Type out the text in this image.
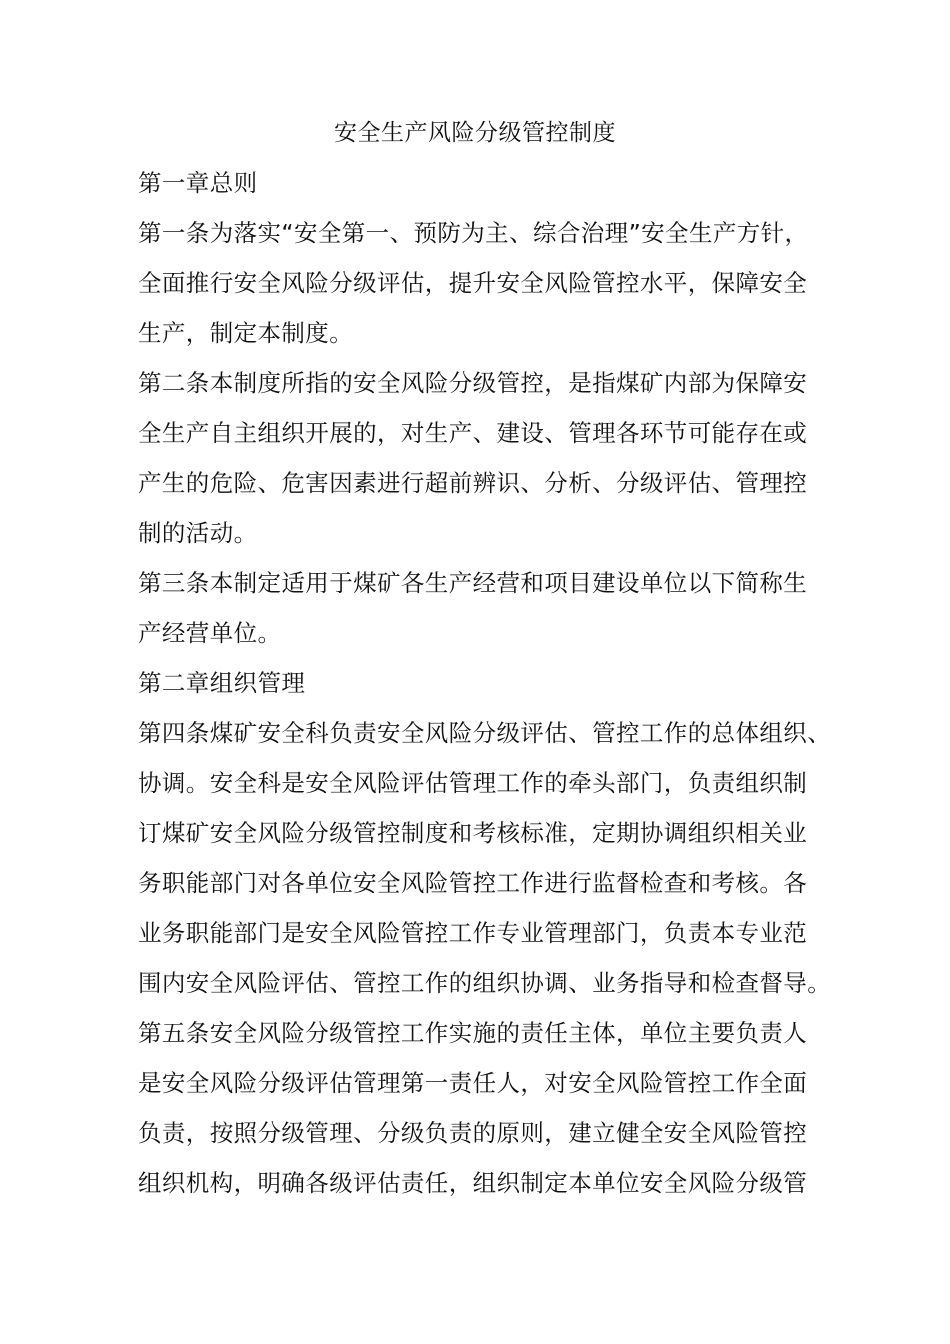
安全生产风险分级管控制度
第一章总则
第一条为落实“安全第一、预防为主、综合治理”安全生产方针，
全面推行安全风险分级评估，提升安全风险管控水平，保障安全
生产，制定本制度。
第二条本制度所指的安全风险分级管控，是指煤矿内部为保障安
全生产自主组织开展的，对生产、建设、管理各环节可能存在或
产生的危险、危害因素进行超前辨识、分析、分级评估、管理控
制的活动。
第三条本制定适用于煤矿各生产经营和项目建设单位以下简称生
产经营单位。
第二章组织管理
第四条煤矿安全科负责安全风险分级评估、管控工作的总体组织、
协调。安全科是安全风险评估管理工作的牵头部门，负责组织制
订煤矿安全风险分级管控制度和考核标准，定期协调组织相关业
务职能部门对各单位安全风险管控工作进行监督检查和考核。各
业务职能部门是安全风险管控工作专业管理部门，负责本专业范
围内安全风险评估、管控工作的组织协调、业务指导和检查督导。
第五条安全风险分级管控工作实施的责任主体，单位主要负责人
是安全风险分级评估管理第一责任人，对安全风险管控工作全面
负责，按照分级管理、分级负责的原则，建立健全安全风险管控
组织机构，明确各级评估责任，组织制定本单位安全风险分级管
